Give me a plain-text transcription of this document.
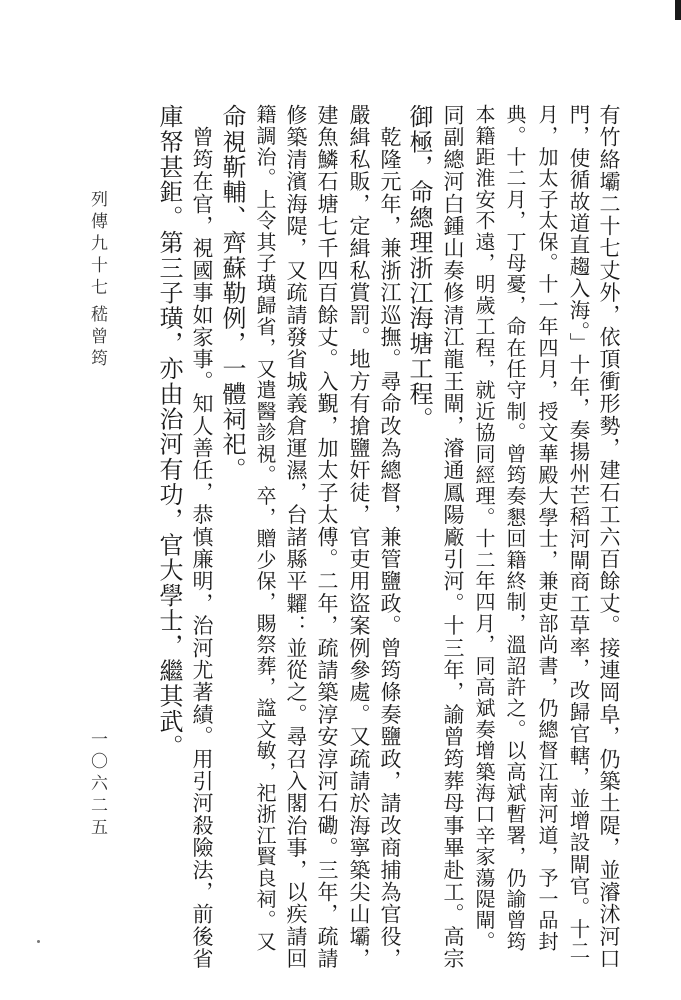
有竹絡壩二十七丈外，依頂衝形勢，建石工六百餘丈。接連岡阜，仍築土隄，並濬沭河口
門，使循故道直趨入海。」十年，奏揚州芒稻河閘商工草率，改歸官轄，並增設閘官。十二
月，加太子太保。十一年四月，授文華殿大學士，兼吏部尚書，仍總督江南河道，予一品封
典。十二月，丁母憂，命在任守制。曾筠奏懇回籍終制，溫詔許之。以高斌暫署，仍諭曾筠
本籍距淮安不遠，明歲工程，就近協同經理。十二年四月，同高斌奏增築海口辛家蕩隄閘。
同副總河白鍾山奏修清江龍王閘，濬通鳳陽廠引河。十三年，諭曾筠葬母事畢赴工。高宗
御極，命總理浙江海塘工程。
　乾隆元年，兼浙江巡撫。尋命改為總督，兼管鹽政。曾筠條奏鹽政，請改商捕為官役，
嚴緝私販，定緝私賞罰。地方有搶鹽奸徒，官吏用盜案例參處。又疏請於海寧築尖山壩，
建魚鱗石塘七千四百餘丈。入覲，加太子太傅。二年，疏請築淳安淳河石磡。三年，疏請
修築清濱海隄，又疏請發省城義倉運濕，台諸縣平糶：並從之。尋召入閣治事，以疾請回
籍調治。上令其子璜歸省，又遣醫診視。卒，贈少保，賜祭葬，諡文敏，祀浙江賢良祠。又
命視靳輔、齊蘇勒例，一體祠祀。
　曾筠在官，視國事如家事。知人善任，恭慎廉明，治河尤著績。用引河殺險法，前後省
庫帑甚鉅。第三子璜，亦由治河有功，官大學士，繼其武。
列傳九十七
嵇曾筠
一〇六二五
